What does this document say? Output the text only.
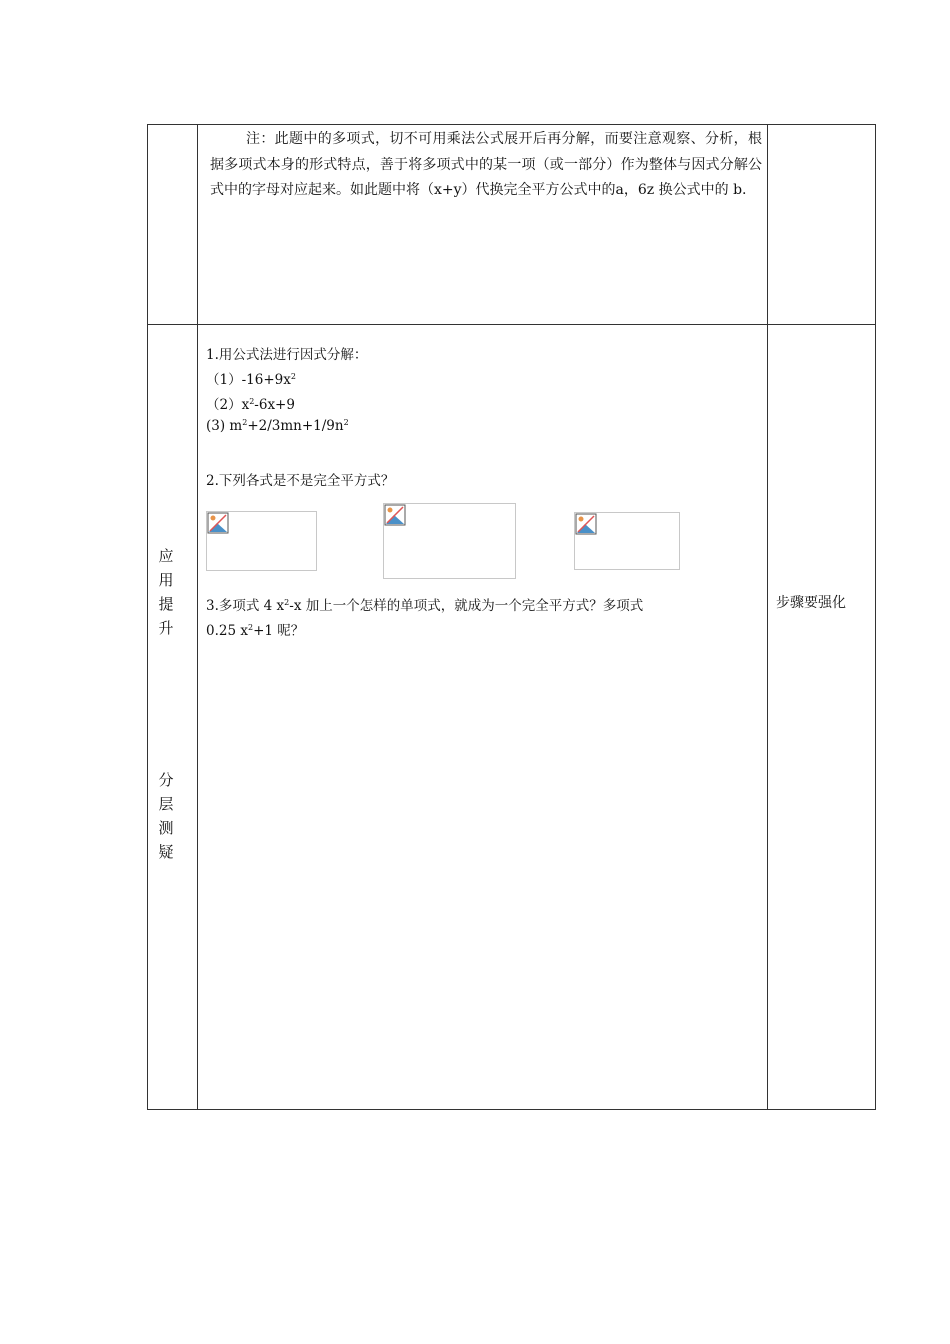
注：此题中的多项式，切不可用乘法公式展开后再分解，而要注意观察、分析，根据多项式本身的形式特点，善于将多项式中的某一项（或一部分）作为整体与因式分解公式中的字母对应起来。如此题中将（x+y）代换完全平方公式中的a，6z 换公式中的 b.

应
用
提
升
分
层
测
疑
1.用公式法进行因式分解：
$(1)-16+9x^2$
$(2)x^2-6x+9$
(3) $m^2+2/3mn+1/9n^2$
2.下列各式是不是完全平方式？
3.多项式 4 $x^2-x$ 加上一个怎样的单项式，就成为一个完全平方式？多项式
0.25 $x^2+1$ 呢？
步骤要强化
